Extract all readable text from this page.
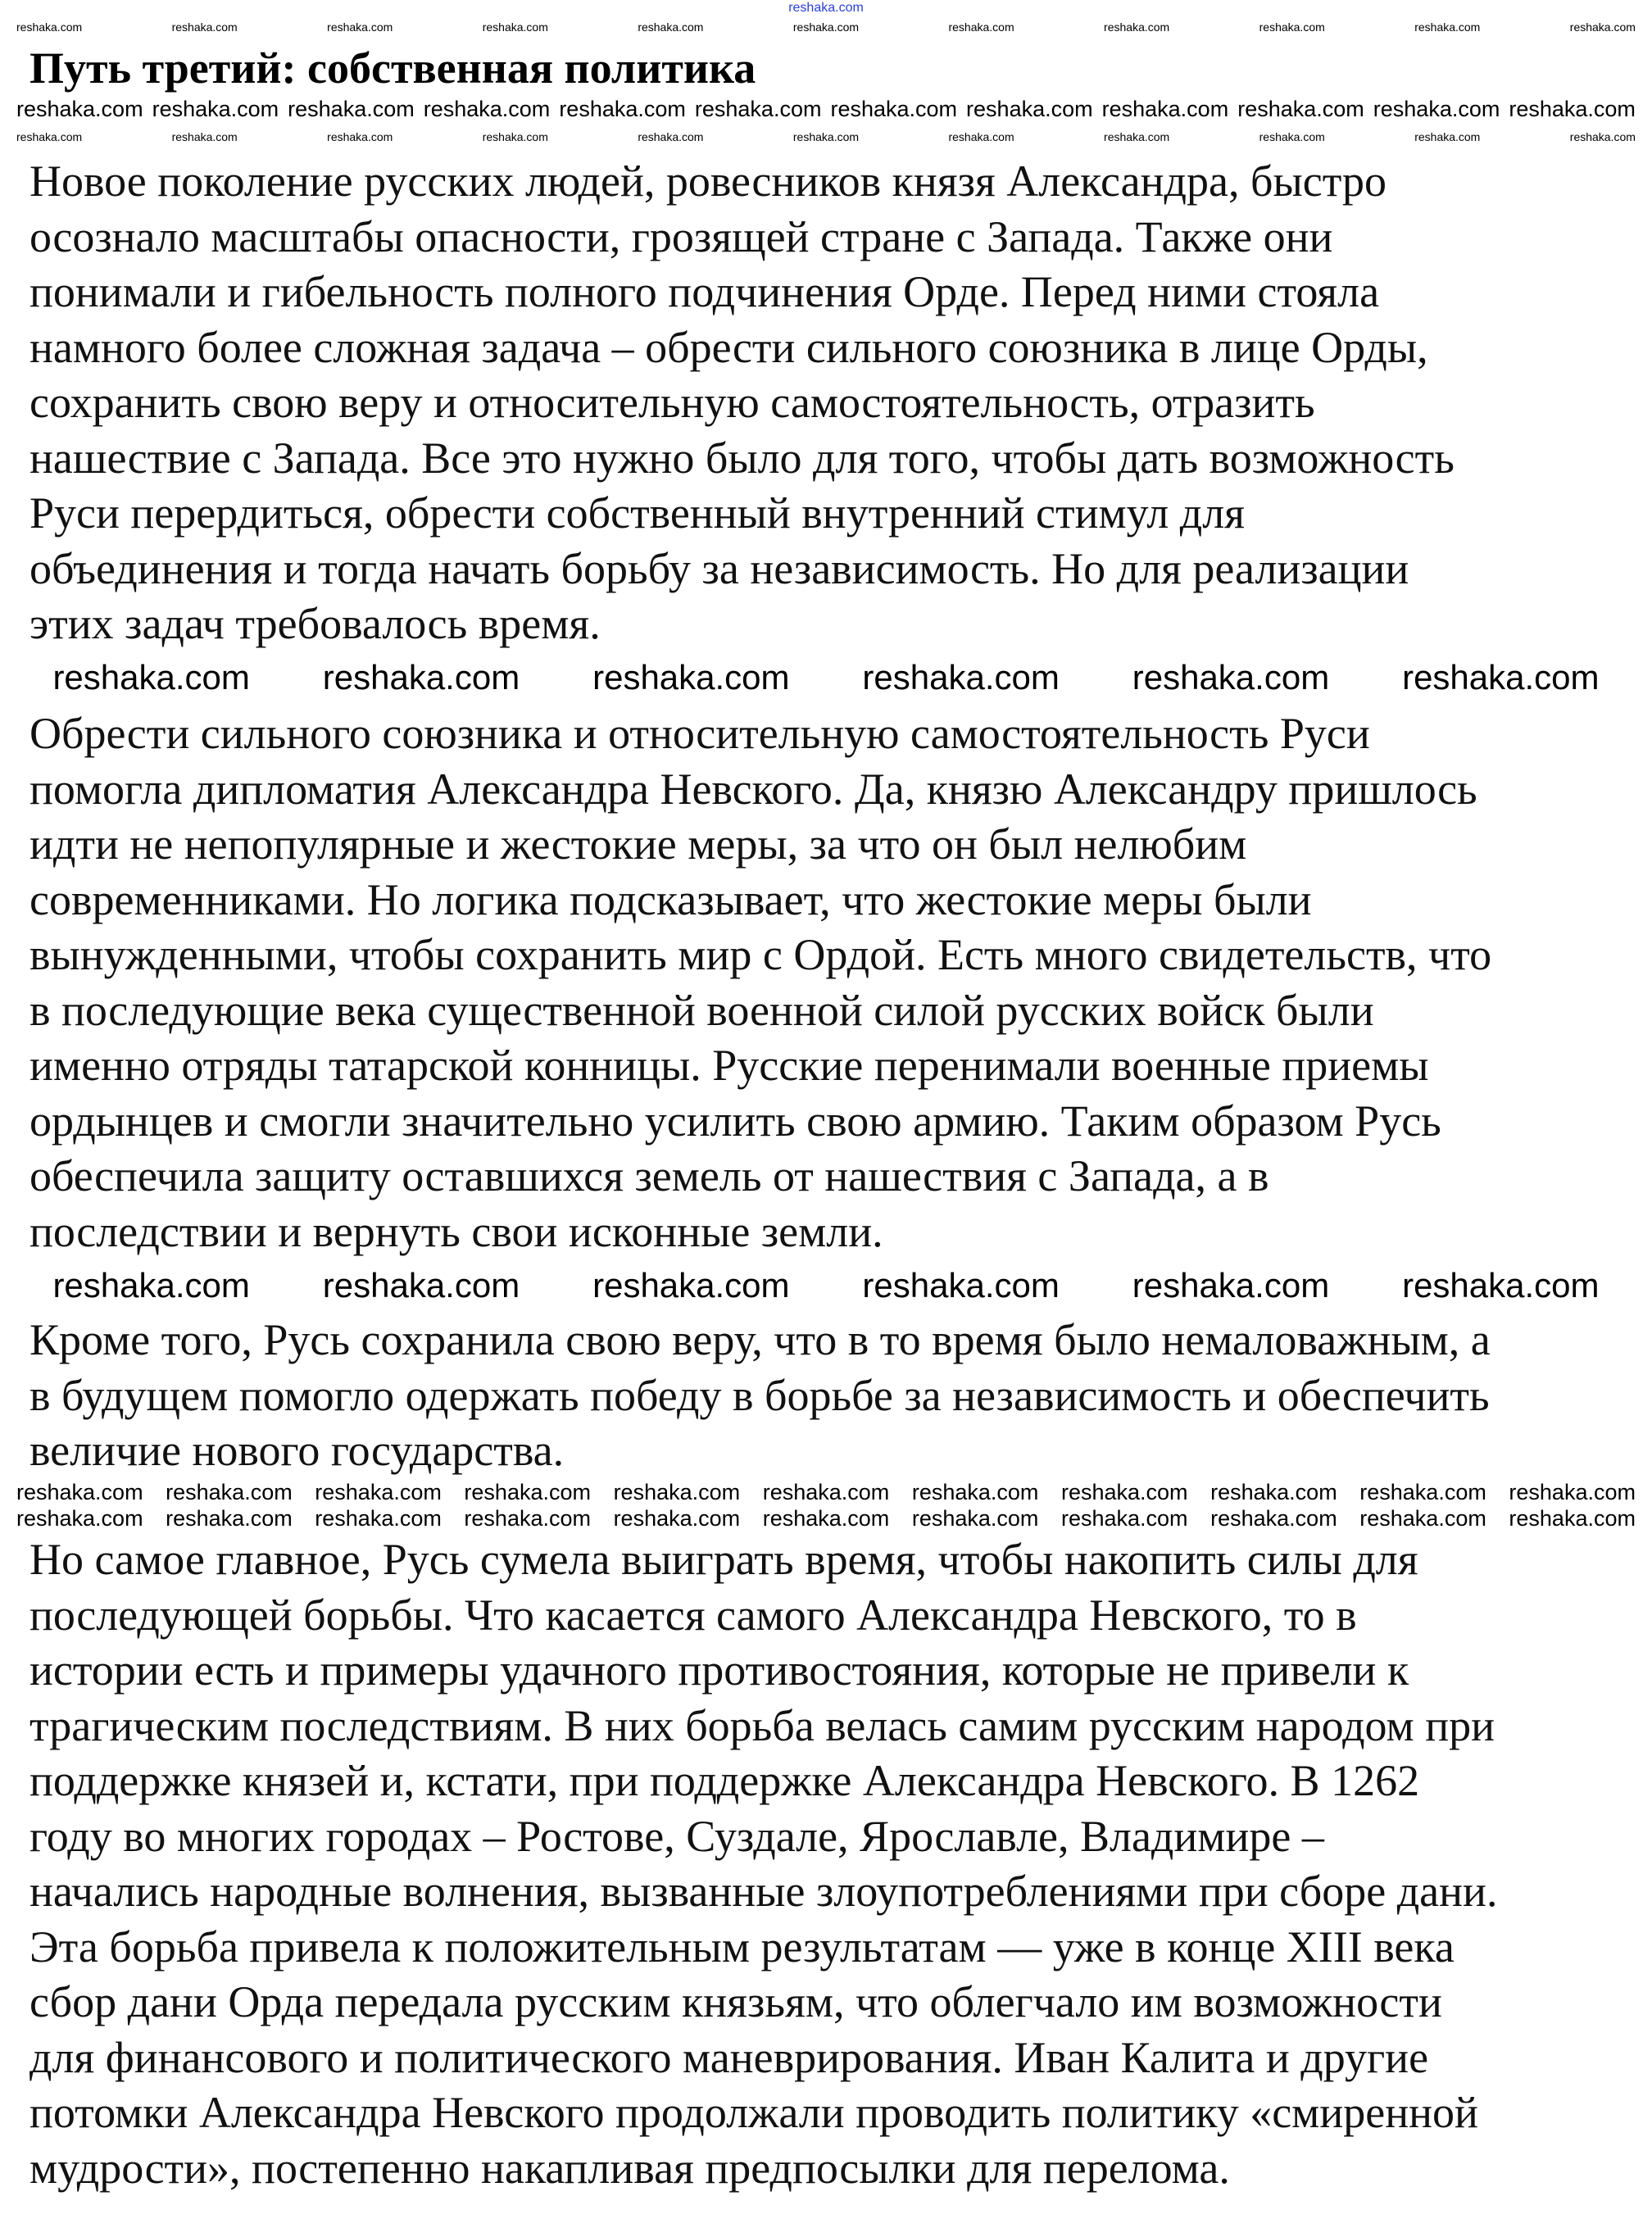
Путь третий: собственная политика
Новое поколение русских людей, ровесников князя Александра, быстро
осознало масштабы опасности, грозящей стране с Запада. Также они
понимали и гибельность полного подчинения Орде. Перед ними стояла
намного более сложная задача – обрести сильного союзника в лице Орды,
сохранить свою веру и относительную самостоятельность, отразить
нашествие с Запада. Все это нужно было для того, чтобы дать возможность
Руси перердиться, обрести собственный внутренний стимул для
объединения и тогда начать борьбу за независимость. Но для реализации
этих задач требовалось время.
Обрести сильного союзника и относительную самостоятельность Руси
помогла дипломатия Александра Невского. Да, князю Александру пришлось
идти не непопулярные и жестокие меры, за что он был нелюбим
современниками. Но логика подсказывает, что жестокие меры были
вынужденными, чтобы сохранить мир с Ордой. Есть много свидетельств, что
в последующие века существенной военной силой русских войск были
именно отряды татарской конницы. Русские перенимали военные приемы
ордынцев и смогли значительно усилить свою армию. Таким образом Русь
обеспечила защиту оставшихся земель от нашествия с Запада, а в
последствии и вернуть свои исконные земли.
Кроме того, Русь сохранила свою веру, что в то время было немаловажным, а
в будущем помогло одержать победу в борьбе за независимость и обеспечить
величие нового государства.
Но самое главное, Русь сумела выиграть время, чтобы накопить силы для
последующей борьбы. Что касается самого Александра Невского, то в
истории есть и примеры удачного противостояния, которые не привели к
трагическим последствиям. В них борьба велась самим русским народом при
поддержке князей и, кстати, при поддержке Александра Невского. В 1262
году во многих городах – Ростове, Суздале, Ярославле, Владимире –
начались народные волнения, вызванные злоупотреблениями при сборе дани.
Эта борьба привела к положительным результатам — уже в конце XIII века
сбор дани Орда передала русским князьям, что облегчало им возможности
для финансового и политического маневрирования. Иван Калита и другие
потомки Александра Невского продолжали проводить политику «смиренной
мудрости», постепенно накапливая предпосылки для перелома.
reshaka.com
reshaka.com	reshaka.com	reshaka.com	reshaka.com	reshaka.com	reshaka.com	reshaka.com	reshaka.com	reshaka.com	reshaka.com	reshaka.com
reshaka.com reshaka.com reshaka.com reshaka.com reshaka.com reshaka.com reshaka.com reshaka.com reshaka.com reshaka.com reshaka.com reshaka.com
reshaka.com	reshaka.com	reshaka.com	reshaka.com	reshaka.com	reshaka.com	reshaka.com	reshaka.com	reshaka.com	reshaka.com	reshaka.com
reshaka.com reshaka.com reshaka.com reshaka.com reshaka.com reshaka.com
reshaka.com reshaka.com reshaka.com reshaka.com reshaka.com reshaka.com
reshaka.com reshaka.com reshaka.com reshaka.com reshaka.com reshaka.com reshaka.com reshaka.com reshaka.com reshaka.com reshaka.com
reshaka.com reshaka.com reshaka.com reshaka.com reshaka.com reshaka.com reshaka.com reshaka.com reshaka.com reshaka.com reshaka.com
